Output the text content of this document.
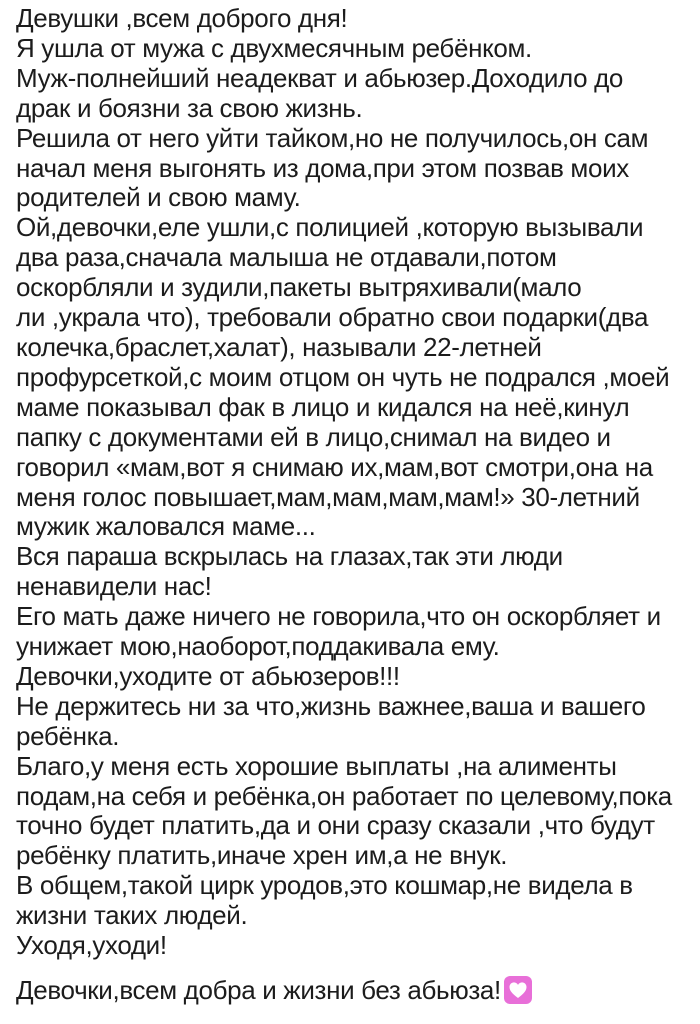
Девушки ,всем доброго дня!
Я ушла от мужа с двухмесячным ребёнком.
Муж-полнейший неадекват и абьюзер.Доходило до
драк и боязни за свою жизнь.
Решила от него уйти тайком,но не получилось,он сам
начал меня выгонять из дома,при этом позвав моих
родителей и свою маму.
Ой,девочки,еле ушли,с полицией ,которую вызывали
два раза,сначала малыша не отдавали,потом
оскорбляли и зудили,пакеты вытряхивали(мало
ли ,украла что), требовали обратно свои подарки(два
колечка,браслет,халат), называли 22-летней
профурсеткой,с моим отцом он чуть не подрался ,моей
маме показывал фак в лицо и кидался на неё,кинул
папку с документами ей в лицо,снимал на видео и
говорил «мам,вот я снимаю их,мам,вот смотри,она на
меня голос повышает,мам,мам,мам,мам!» 30-летний
мужик жаловался маме...
Вся параша вскрылась на глазах,так эти люди
ненавидели нас!
Его мать даже ничего не говорила,что он оскорбляет и
унижает мою,наоборот,поддакивала ему.
Девочки,уходите от абьюзеров!!!
Не держитесь ни за что,жизнь важнее,ваша и вашего
ребёнка.
Благо,у меня есть хорошие выплаты ,на алименты
подам,на себя и ребёнка,он работает по целевому,пока
точно будет платить,да и они сразу сказали ,что будут
ребёнку платить,иначе хрен им,а не внук.
В общем,такой цирк уродов,это кошмар,не видела в
жизни таких людей.
Уходя,уходи!
Девочки,всем добра и жизни без абьюза!
